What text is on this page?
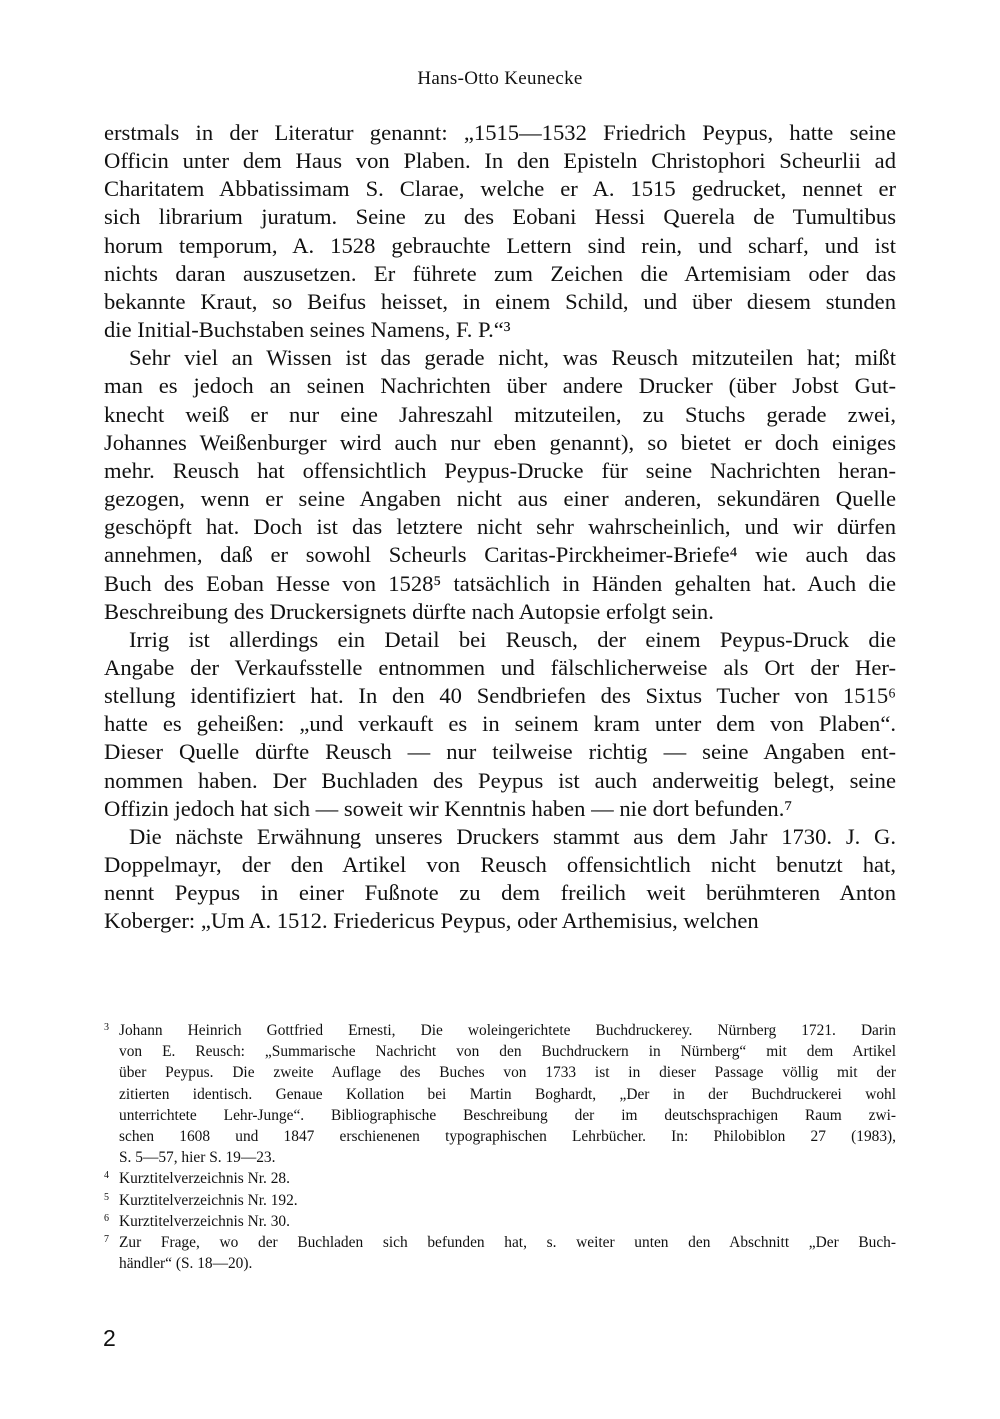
Hans-Otto Keunecke
erstmals in der Literatur genannt: „1515—1532 Friedrich Peypus, hatte seine
Officin unter dem Haus von Plaben. In den Episteln Christophori Scheurlii ad
Charitatem Abbatissimam S. Clarae, welche er A. 1515 gedrucket, nennet er
sich librarium juratum. Seine zu des Eobani Hessi Querela de Tumultibus
horum temporum, A. 1528 gebrauchte Lettern sind rein, und scharf, und ist
nichts daran auszusetzen. Er führete zum Zeichen die Artemisiam oder das
bekannte Kraut, so Beifus heisset, in einem Schild, und über diesem stunden
die Initial-Buchstaben seines Namens, F. P.“³
Sehr viel an Wissen ist das gerade nicht, was Reusch mitzuteilen hat; mißt
man es jedoch an seinen Nachrichten über andere Drucker (über Jobst Gut-
knecht weiß er nur eine Jahreszahl mitzuteilen, zu Stuchs gerade zwei,
Johannes Weißenburger wird auch nur eben genannt), so bietet er doch einiges
mehr. Reusch hat offensichtlich Peypus-Drucke für seine Nachrichten heran-
gezogen, wenn er seine Angaben nicht aus einer anderen, sekundären Quelle
geschöpft hat. Doch ist das letztere nicht sehr wahrscheinlich, und wir dürfen
annehmen, daß er sowohl Scheurls Caritas-Pirckheimer-Briefe⁴ wie auch das
Buch des Eoban Hesse von 1528⁵ tatsächlich in Händen gehalten hat. Auch die
Beschreibung des Druckersignets dürfte nach Autopsie erfolgt sein.
Irrig ist allerdings ein Detail bei Reusch, der einem Peypus-Druck die
Angabe der Verkaufsstelle entnommen und fälschlicherweise als Ort der Her-
stellung identifiziert hat. In den 40 Sendbriefen des Sixtus Tucher von 1515⁶
hatte es geheißen: „und verkauft es in seinem kram unter dem von Plaben“.
Dieser Quelle dürfte Reusch — nur teilweise richtig — seine Angaben ent-
nommen haben. Der Buchladen des Peypus ist auch anderweitig belegt, seine
Offizin jedoch hat sich — soweit wir Kenntnis haben — nie dort befunden.⁷
Die nächste Erwähnung unseres Druckers stammt aus dem Jahr 1730. J. G.
Doppelmayr, der den Artikel von Reusch offensichtlich nicht benutzt hat,
nennt Peypus in einer Fußnote zu dem freilich weit berühmteren Anton
Koberger: „Um A. 1512. Friedericus Peypus, oder Arthemisius, welchen
3 Johann Heinrich Gottfried Ernesti, Die woleingerichtete Buchdruckerey. Nürnberg 1721. Darin
von E. Reusch: „Summarische Nachricht von den Buchdruckern in Nürnberg“ mit dem Artikel
über Peypus. Die zweite Auflage des Buches von 1733 ist in dieser Passage völlig mit der
zitierten identisch. Genaue Kollation bei Martin Boghardt, „Der in der Buchdruckerei wohl
unterrichtete Lehr-Junge“. Bibliographische Beschreibung der im deutschsprachigen Raum zwi-
schen 1608 und 1847 erschienenen typographischen Lehrbücher. In: Philobiblon 27 (1983),
S. 5—57, hier S. 19—23.
4 Kurztitelverzeichnis Nr. 28.
5 Kurztitelverzeichnis Nr. 192.
6 Kurztitelverzeichnis Nr. 30.
7 Zur Frage, wo der Buchladen sich befunden hat, s. weiter unten den Abschnitt „Der Buch-
händler“ (S. 18—20).
2
